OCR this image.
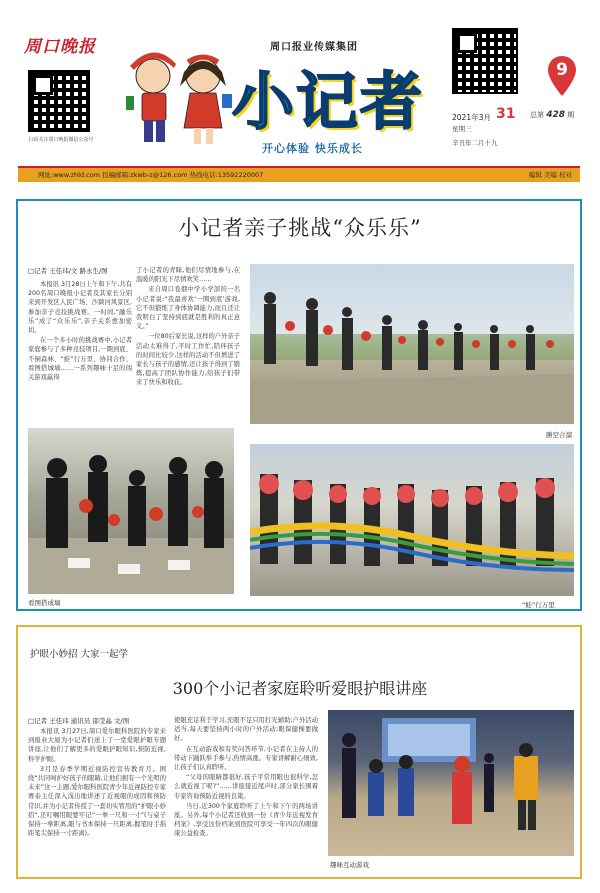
周口晚报
扫码关注周口晚报微信公众号
周口报业传媒集团
小记者
开心体验 快乐成长
9
2021年3月 31
星期三
辛丑年二月十九
总第 428 期
网址:www.zhld.com 投稿邮箱:zkwb-z@126.com 热线电话:13592220007	编辑 美编 校对
小记者亲子挑战“众乐乐”
□记者 王佳玮/文 路永生/图

本报讯 3月28日上午和下午,共有200名周口晚报小记者及其家长分别来到开发区人民广场、沙颍河风景区,参加亲子竞技挑战赛。一时间,“融乐乐”成了“众乐乐”,亲子关系愈加密切。

在一个多小时的挑战赛中,小记者家庭参与了多种竞技项目,一圈到底、不倒森林、“蛙”行万里、协同合作、看图搭城墙……一系列趣味十足的闯关游戏赢得

了小记者的青睐,他们尽情地参与,在温暖的阳光下尽情欢笑……

来自周口卷烟中学小学部的一名小记者说:“我最喜欢‘一圈到底’游戏,它不但锻炼了身体协调能力,而且还让我明白了坚持到底就是胜利的真正意义。”

一位80后家长说,这样的户外亲子活动太难得了,平时工作忙,陪伴孩子的时间比较少,这样的活动不但增进了家长与孩子的感情,还让孩子得到了锻炼,提高了团队协作能力,给孩子们带来了快乐和收获。

勝空合溜
看图搭成墙	“蛙”行万里
护眼小妙招 大家一起学
300个小记者家庭聆听爱眼护眼讲座
□记者 王佳玮 通讯员 邵莹晶 文/图

本报讯 3月27日,周口爱尔眼科医院的专家来到报业大厦为小记者们送上了一堂爱眼护眼专题讲座,让他们了解更多的爱眼护眼知识,预防近视,科学护眼。

3月是春季学期近视防控宣传教育月。围绕“共同呵护好孩子的眼睛,让他们拥有一个光明的未来”这一主题,爱尔眼科医院青少年近视防控专家赛泰主任深入浅出地讲述了近视眼的成因和预防常识,并为小记者传授了一套切实管用的“护眼小妙招”,还叮嘱用眼要牢记“一拳一尺和一寸”(与桌子保持一拳距离,眼与书本保持一尺距离,握笔时手指距笔尖保持一寸距离),

使眼充足利于学习,充眼不足只用打光辅助;户外活动适当,每天要坚持两小时的户外活动;眼保健操要做好。

在互动游戏和有奖问答环节,小记者在主持人的带动下踊跃举手参与,热情高涨。专家讲解耐心细致,让孩子们认真聆听。

“父母的眼睛都很好,孩子平常用眼也很科学,怎么就近视了呢?”……讲座接近尾声时,部分家长围着专家咨询预防近视的良策。

当日,近300个家庭聆听了上午和下午的两场讲座。另外,每个小记者还收到一份《青少年近视发育档案》,享受这份档案到医院可享受一年四次的眼健康公益检查。

趣味互动游戏
